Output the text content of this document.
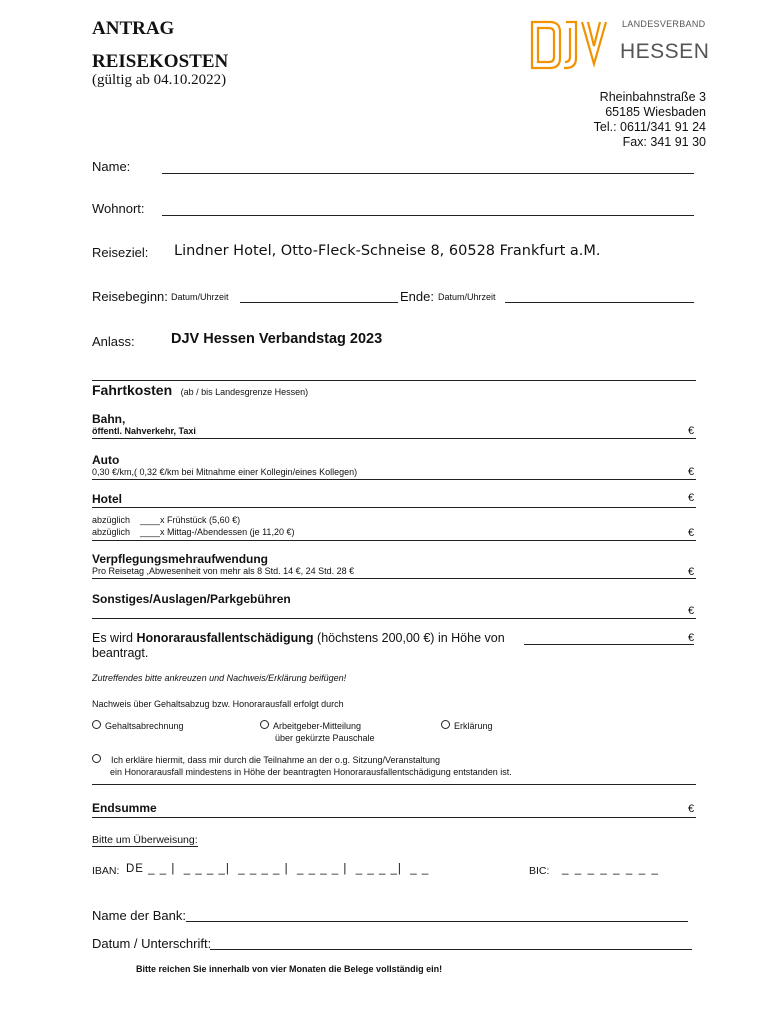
ANTRAG
REISEKOSTEN
(gültig ab 04.10.2022)
LANDESVERBAND
HESSEN
Rheinbahnstraße 3
65185 Wiesbaden
Tel.: 0611/341 91 24
Fax: 341 91 30
Name:
Wohnort:
Reiseziel: Lindner Hotel, Otto-Fleck-Schneise 8, 60528 Frankfurt a.M.
Reisebeginn: Datum/Uhrzeit	Ende: Datum/Uhrzeit
Anlass:	DJV Hessen Verbandstag 2023
Fahrtkosten (ab / bis Landesgrenze Hessen)
Bahn,
öffentl. Nahverkehr, Taxi	€
Auto
0,30 €/km,( 0,32 €/km bei Mitnahme einer Kollegin/eines Kollegen)	€
Hotel	€
abzüglich    ____x Frühstück (5,60 €)
abzüglich    ____x Mittag-/Abendessen (je 11,20 €)	€
Verpflegungsmehraufwendung
Pro Reisetag ,Abwesenheit von mehr als 8 Std. 14 €, 24 Std. 28 €	€
Sonstiges/Auslagen/Parkgebühren
€
Es wird Honorarausfallentschädigung (höchstens 200,00 €) in Höhe von	€
beantragt.
Zutreffendes bitte ankreuzen und Nachweis/Erklärung beifügen!
Nachweis über Gehaltsabzug bzw. Honorarausfall erfolgt durch
Gehaltsabrechnung	Arbeitgeber-Mitteilung
über gekürzte Pauschale
Erklärung
Ich erkläre hiermit, dass mir durch die Teilnahme an der o.g. Sitzung/Veranstaltung
ein Honorarausfall mindestens in Höhe der beantragten Honorarausfallentschädigung entstanden ist.
Endsumme	€
Bitte um Überweisung:
IBAN: DE _ _ |  _ _ _ _|  _ _ _ _ |  _ _ _ _ |  _ _ _ _|  _ _	BIC: _  _  _  _  _  _  _  _
Name der Bank:
Datum / Unterschrift:
Bitte reichen Sie innerhalb von vier Monaten die Belege vollständig ein!
